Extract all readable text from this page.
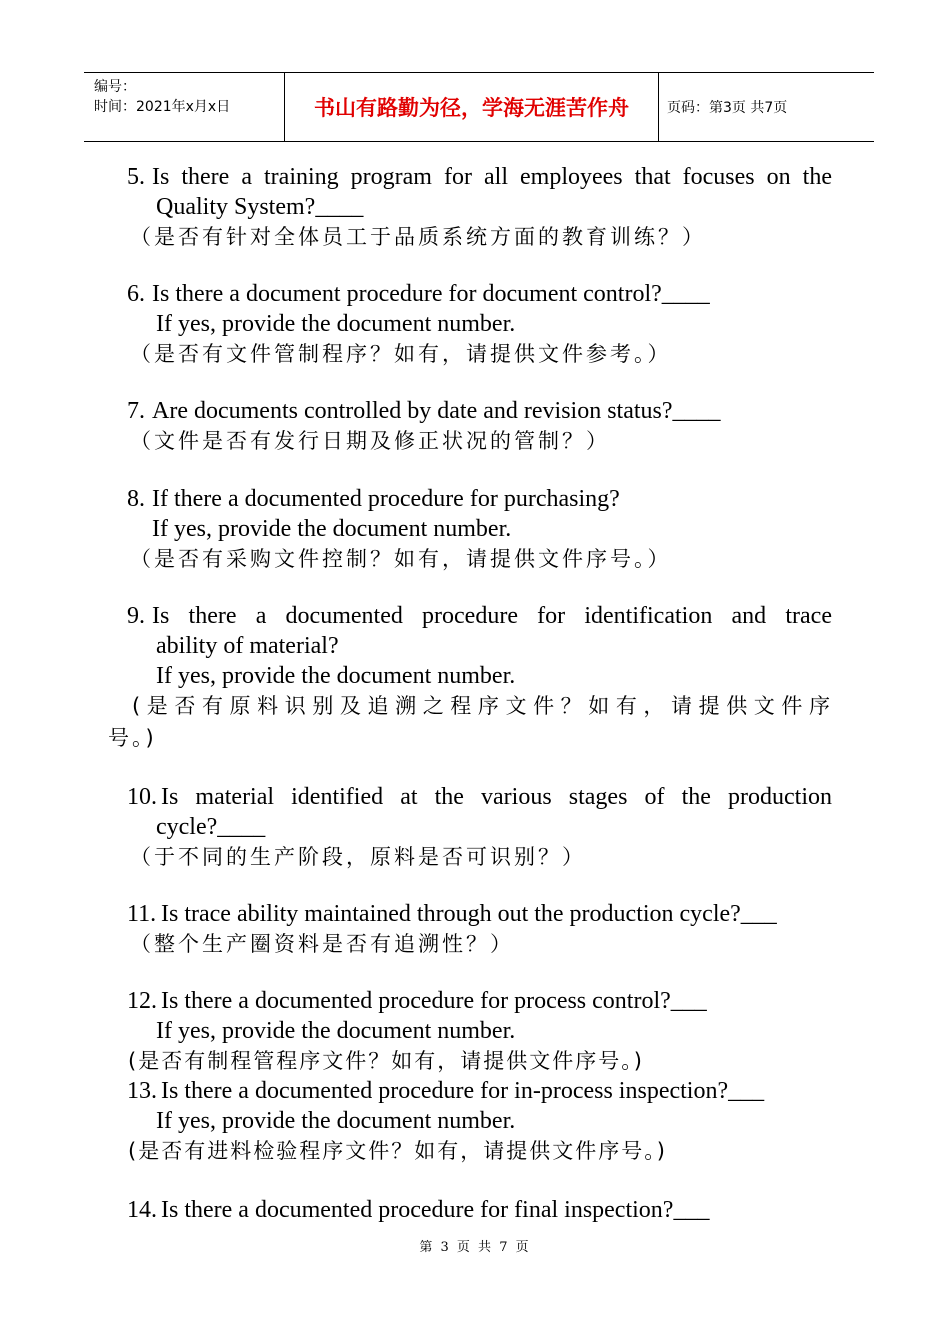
编号：
时间：2021年x月x日	书山有路勤为径，学海无涯苦作舟	页码：第3页 共7页
5. Is there a training program for all employees that focuses on the
Quality System?____
（是否有针对全体员工于品质系统方面的教育训练？）
6. Is there a document procedure for document control?____
If yes, provide the document number.
（是否有文件管制程序？如有，请提供文件参考。）
7. Are documents controlled by date and revision status?____
（文件是否有发行日期及修正状况的管制？）
8. If there a documented procedure for purchasing?
If yes, provide the document number.
（是否有采购文件控制？如有，请提供文件序号。）
9. Is there a documented procedure for identification and trace
ability of material?
If yes, provide the document number.
(是否有原料识别及追溯之程序文件？如有，请提供文件序
号。)
10. Is material identified at the various stages of the production
cycle?____
（于不同的生产阶段，原料是否可识别？）
11. Is trace ability maintained through out the production cycle?___
（整个生产圈资料是否有追溯性？）
12. Is there a documented procedure for process control?___
If yes, provide the document number.
(是否有制程管程序文件？如有，请提供文件序号。)
13. Is there a documented procedure for in-process inspection?___
If yes, provide the document number.
(是否有进料检验程序文件？如有，请提供文件序号。)
14. Is there a documented procedure for final inspection?___
第 3 页 共 7 页
